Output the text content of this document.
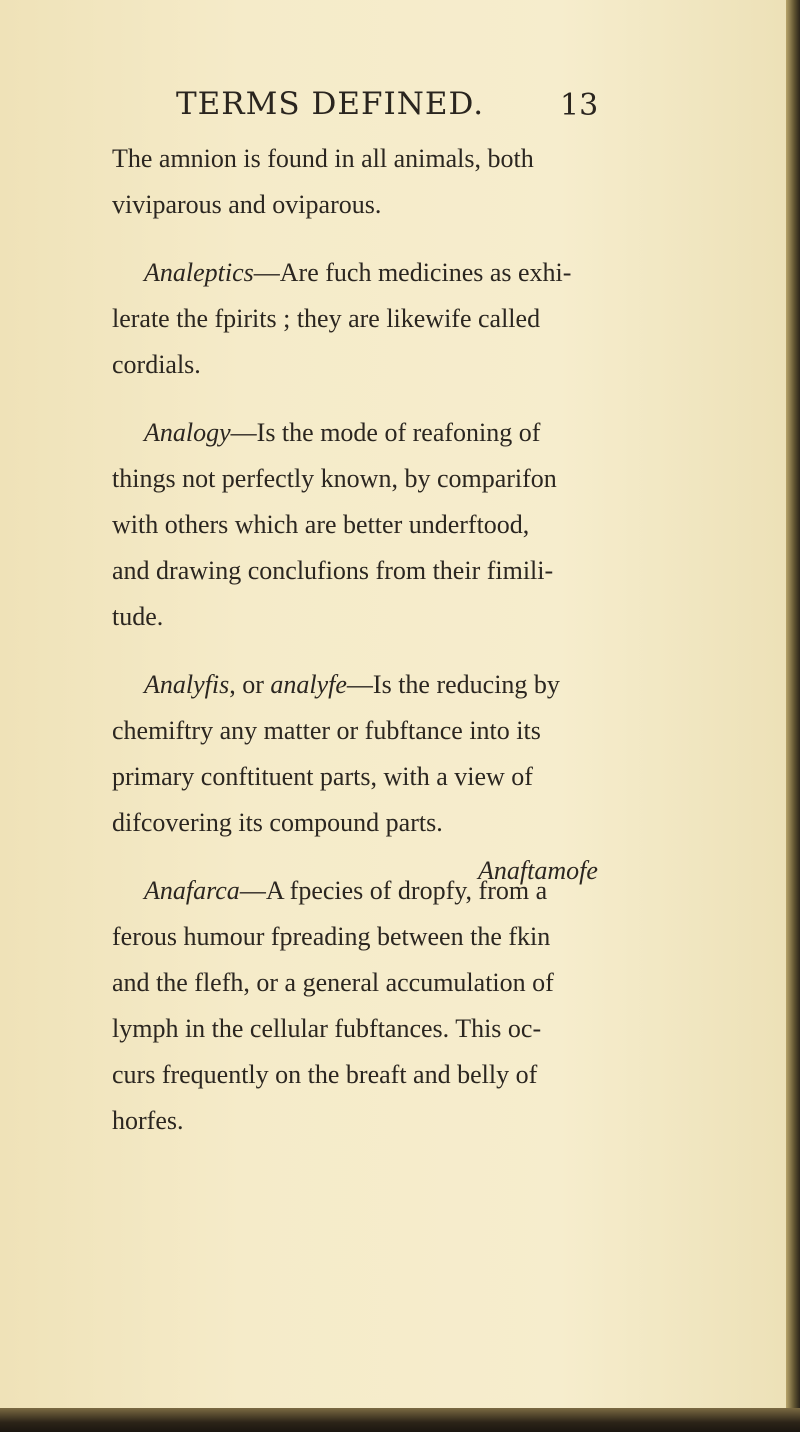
TERMS DEFINED.	13
The amnion is found in all animals, both
viviparous and oviparous.
Analeptics—Are fuch medicines as exhi-
lerate the fpirits ; they are likewife called
cordials.
Analogy—Is the mode of reafoning of
things not perfectly known, by comparifon
with others which are better underftood,
and drawing conclufions from their fimili-
tude.
Analyfis, or analyfe—Is the reducing by
chemiftry any matter or fubftance into its
primary conftituent parts, with a view of
difcovering its compound parts.
Anafarca—A fpecies of dropfy, from a
ferous humour fpreading between the fkin
and the flefh, or a general accumulation of
lymph in the cellular fubftances. This oc-
curs frequently on the breaft and belly of
horfes.
Anaftamofe
